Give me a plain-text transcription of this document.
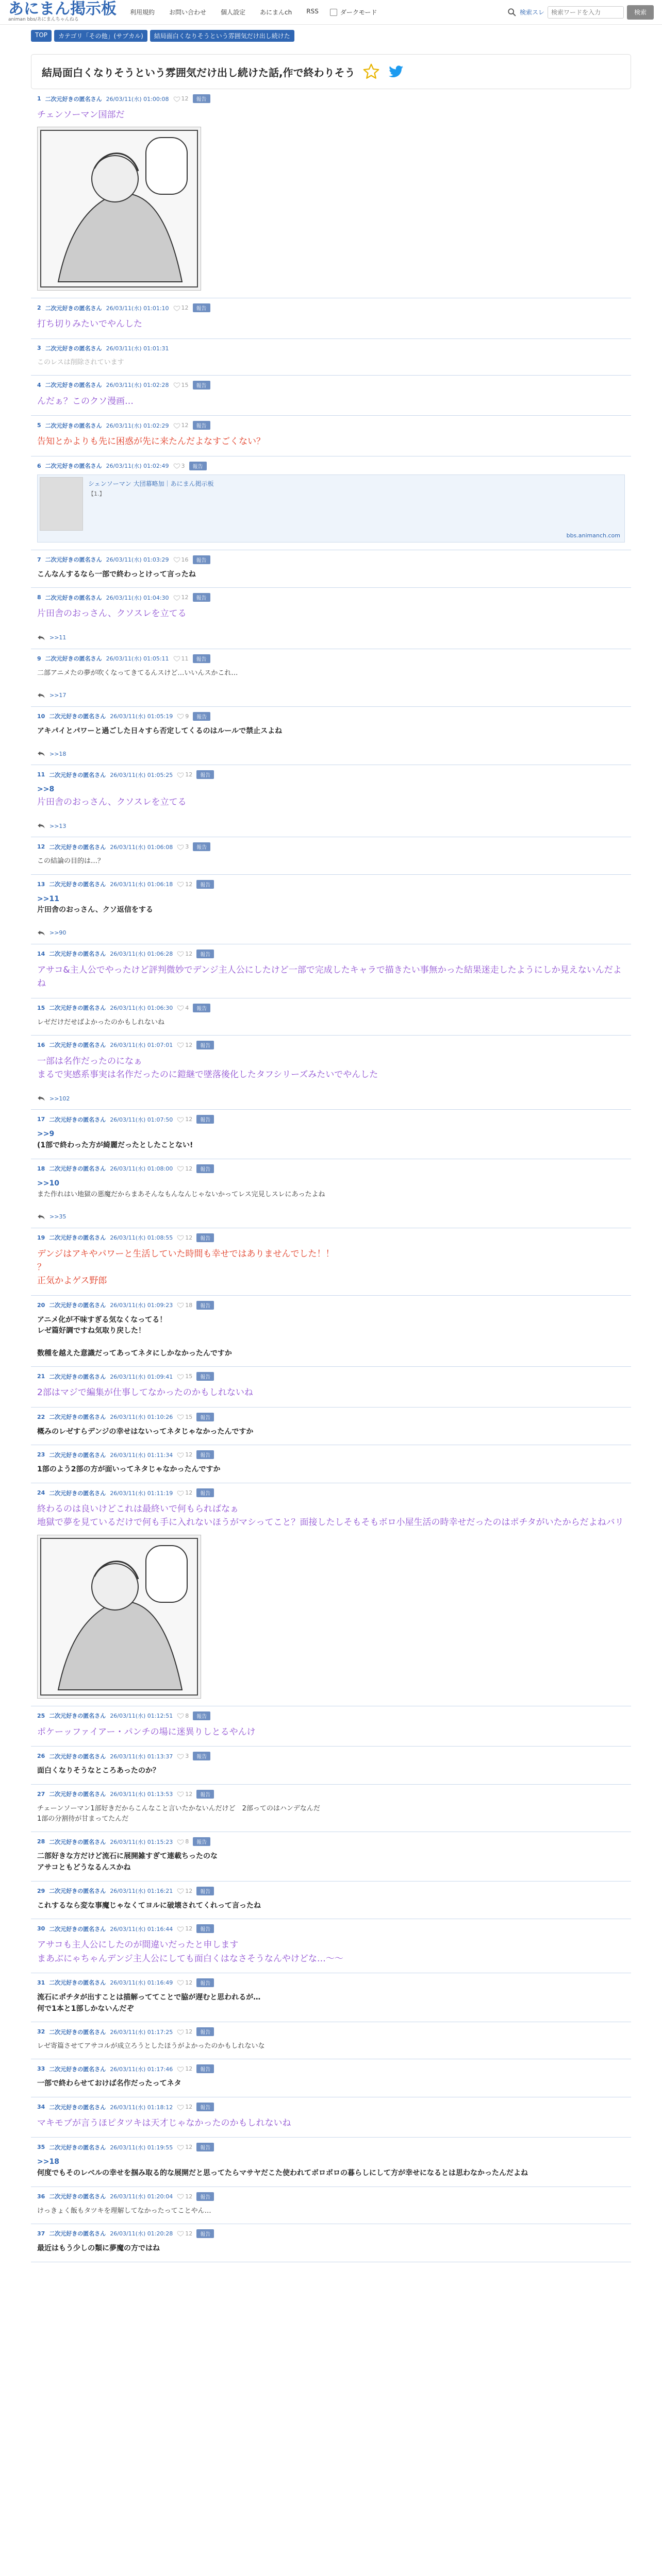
あにまん掲示板
animan bbs/あにまんちゃんねる
利用規約 お問い合わせ 個人設定 あにまんch RSS	ダークモード	検索スレ
検索ワードを入力	検索
TOP	カテゴリ「その他」(サブカル)	結局面白くなりそうという雰囲気だけ出し続けた
結局面白くなりそうという雰囲気だけ出し続けた話,作で終わりそう
1 二次元好きの匿名さん 26/03/11(水) 01:00:08 12	報告
チェンソーマン国部だ
2 二次元好きの匿名さん 26/03/11(水) 01:01:10 12	報告
打ち切りみたいでやんした
3 二次元好きの匿名さん 26/03/11(水) 01:01:31
このレスは削除されています
4 二次元好きの匿名さん 26/03/11(水) 01:02:28 15	報告
んだぁ？このクソ漫画…
5 二次元好きの匿名さん 26/03/11(水) 01:02:29 12	報告
告知とかよりも先に困惑が先に来たんだよなすごくない？
6 二次元好きの匿名さん 26/03/11(水) 01:02:49 3	報告
シェンソーマン 大団幕略加｜あにまん掲示板
【1.】
bbs.animanch.com
7 二次元好きの匿名さん 26/03/11(水) 01:03:29 16	報告
こんなんするなら一部で終わっとけって言ったね
8 二次元好きの匿名さん 26/03/11(水) 01:04:30 12	報告
片田舎のおっさん、クソスレを立てる
>>11
9 二次元好きの匿名さん 26/03/11(水) 01:05:11 11	報告
二部アニメたの夢が吹くなってきてるんスけど…いいんスかこれ…
>>17
10 二次元好きの匿名さん 26/03/11(水) 01:05:19 9	報告
アキパイとパワーと過ごした日々すら否定してくるのはルールで禁止スよね
>>18
11 二次元好きの匿名さん 26/03/11(水) 01:05:25 12	報告
>>8
片田舎のおっさん、クソスレを立てる
>>13
12 二次元好きの匿名さん 26/03/11(水) 01:06:08 3	報告
この結論の目的は…？
13 二次元好きの匿名さん 26/03/11(水) 01:06:18 12	報告
>>11
片田舎のおっさん、クソ返信をする
>>90
14 二次元好きの匿名さん 26/03/11(水) 01:06:28 12	報告
アサコ&主人公でやったけど評判微妙でデンジ主人公にしたけど一部で完成したキャラで描きたい事無かった結果迷走したようにしか見えないんだよね
15 二次元好きの匿名さん 26/03/11(水) 01:06:30 4	報告
レゼだけだせばよかったのかもしれないね
16 二次元好きの匿名さん 26/03/11(水) 01:07:01 12	報告
一部は名作だったのになぁ
まるで実感系事実は名作だったのに鎧継で墜落後化したタフシリーズみたいでやんした
>>102
17 二次元好きの匿名さん 26/03/11(水) 01:07:50 12	報告
>>9
(1部で終わった方が綺麗だったとしたことない!
18 二次元好きの匿名さん 26/03/11(水) 01:08:00 12	報告
>>10
また作れはい地獄の悪魔だからまあそんなもんなんじゃないかってレス完見しスレにあったよね
>>35
19 二次元好きの匿名さん 26/03/11(水) 01:08:55 12	報告
デンジはアキやパワーと生活していた時間も幸せではありませんでした！！
？
正気かよゲス野郎
20 二次元好きの匿名さん 26/03/11(水) 01:09:23 18	報告
アニメ化が不味すぎる気なくなってる！
レゼ篇好調ですね気取り戻した！

数種を越えた意識だってあってネタにしかなかったんですか
21 二次元好きの匿名さん 26/03/11(水) 01:09:41 15	報告
2部はマジで編集が仕事してなかったのかもしれないね
22 二次元好きの匿名さん 26/03/11(水) 01:10:26 15	報告
概みのレゼすらデンジの幸せはないってネタじゃなかったんですか
23 二次元好きの匿名さん 26/03/11(水) 01:11:34 12	報告
1部のよう2部の方が面いってネタじゃなかったんですか
24 二次元好きの匿名さん 26/03/11(水) 01:11:19 12	報告
終わるのは良いけどこれは最終いで何もらればなぁ
地獄で夢を見ているだけで何も手に入れないほうがマシってこと？面接したしそもそもボロ小屋生活の時幸せだったのはポチタがいたからだよねバリ
25 二次元好きの匿名さん 26/03/11(水) 01:12:51 8	報告
ポケーッファイアー・パンチの場に迷異りしとるやんけ
26 二次元好きの匿名さん 26/03/11(水) 01:13:37 3	報告
面白くなりそうなところあったのか？
27 二次元好きの匿名さん 26/03/11(水) 01:13:53 12	報告
チェーンソーマン1部好きだからこんなこと言いたかないんだけど　2部ってのはハンデなんだ
1部の分割待が甘まってたんだ
28 二次元好きの匿名さん 26/03/11(水) 01:15:23 8	報告
二部好きな方だけど流石に展開雑すぎて連載ちったのな
アサコともどうなるんスかね
29 二次元好きの匿名さん 26/03/11(水) 01:16:21 12	報告
これするなら変な事魔じゃなくてヨルに破壊されてくれって言ったね
30 二次元好きの匿名さん 26/03/11(水) 01:16:44 12	報告
アサコも主人公にしたのが間違いだったと申します
まあぶにゃちゃんデンジ主人公にしても面白くはなさそうなんやけどな…〜〜
31 二次元好きの匿名さん 26/03/11(水) 01:16:49 12	報告
流石にポチタが出すことは描解っててことで脇が遅むと思われるが…
何で1本と1部しかないんだぞ
32 二次元好きの匿名さん 26/03/11(水) 01:17:25 12	報告
レゼ寄篇させてアサコルが成立ろうとしたほうがよかったのかもしれないな
33 二次元好きの匿名さん 26/03/11(水) 01:17:46 12	報告
一部で終わらせておけば名作だったってネタ
34 二次元好きの匿名さん 26/03/11(水) 01:18:12 12	報告
マキモブが言うほピタツキは天才じゃなかったのかもしれないね
35 二次元好きの匿名さん 26/03/11(水) 01:19:55 12	報告
>>18
何度でもそのレベルの幸せを掴み取る的な展開だと思ってたらマサヤだこた使われてボロボロの暮らしにして方が幸せになるとは思わなかったんだよね
36 二次元好きの匿名さん 26/03/11(水) 01:20:04 12	報告
けっきょく飯もタツキを理解してなかったってことやん…
37 二次元好きの匿名さん 26/03/11(水) 01:20:28 12	報告
最近はもう少しの類に夢魔の方ではね
